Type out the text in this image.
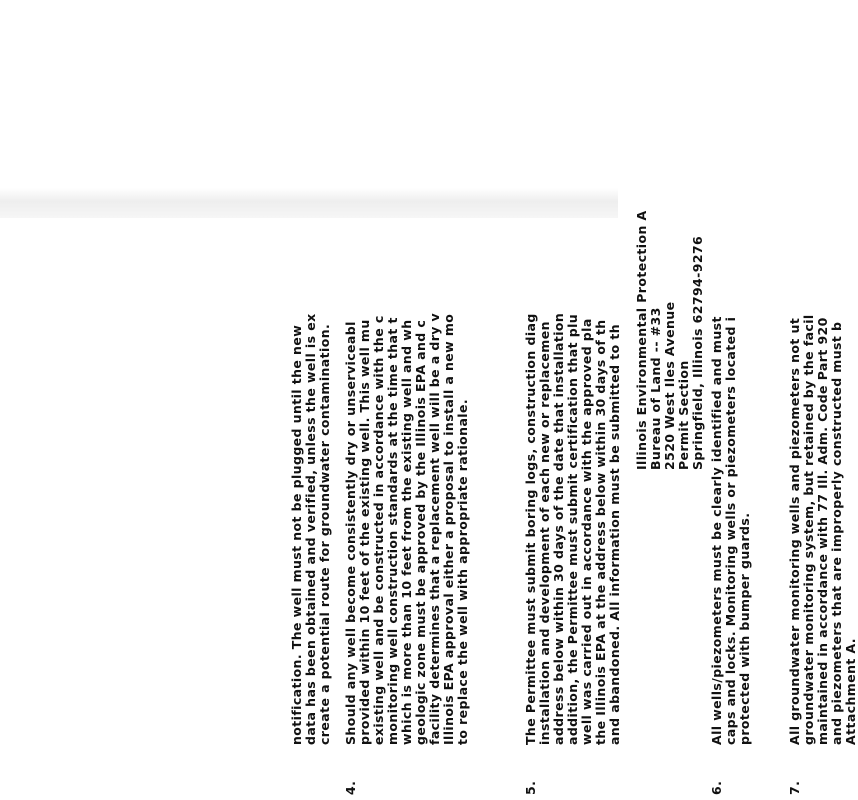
notification. The well must not be plugged until the new data has been obtained and verified, unless the well is ex create a potential route for groundwater contamination.
4.
Should any well become consistently dry or unserviceabl provided within 10 feet of the existing well. This well mu existing well and be constructed in accordance with the c monitoring well construction standards at the time that t which is more than 10 feet from the existing well and wh geologic zone must be approved by the Illinois EPA and c facility determines that a replacement well will be a dry v Illinois EPA approval either a proposal to install a new mo to replace the well with appropriate rationale.
5.
The Permittee must submit boring logs, construction diag installation and development of each new or replacemen address below within 30 days of the date that installation addition, the Permittee must submit certification that plu well was carried out in accordance with the approved pla the Illinois EPA at the address below within 30 days of th and abandoned. All information must be submitted to th Illinois Environmental Protection A Bureau of Land -- #33 2520 West Iles Avenue Permit Section Springfield, Illinois 62794-9276
6.
All wells/piezometers must be clearly identified and must caps and locks. Monitoring wells or piezometers located i protected with bumper guards.
7.
All groundwater monitoring wells and piezometers not ut groundwater monitoring system, but retained by the facil maintained in accordance with 77 Ill. Adm. Code Part 920 and piezometers that are improperly constructed must b Attachment A.
